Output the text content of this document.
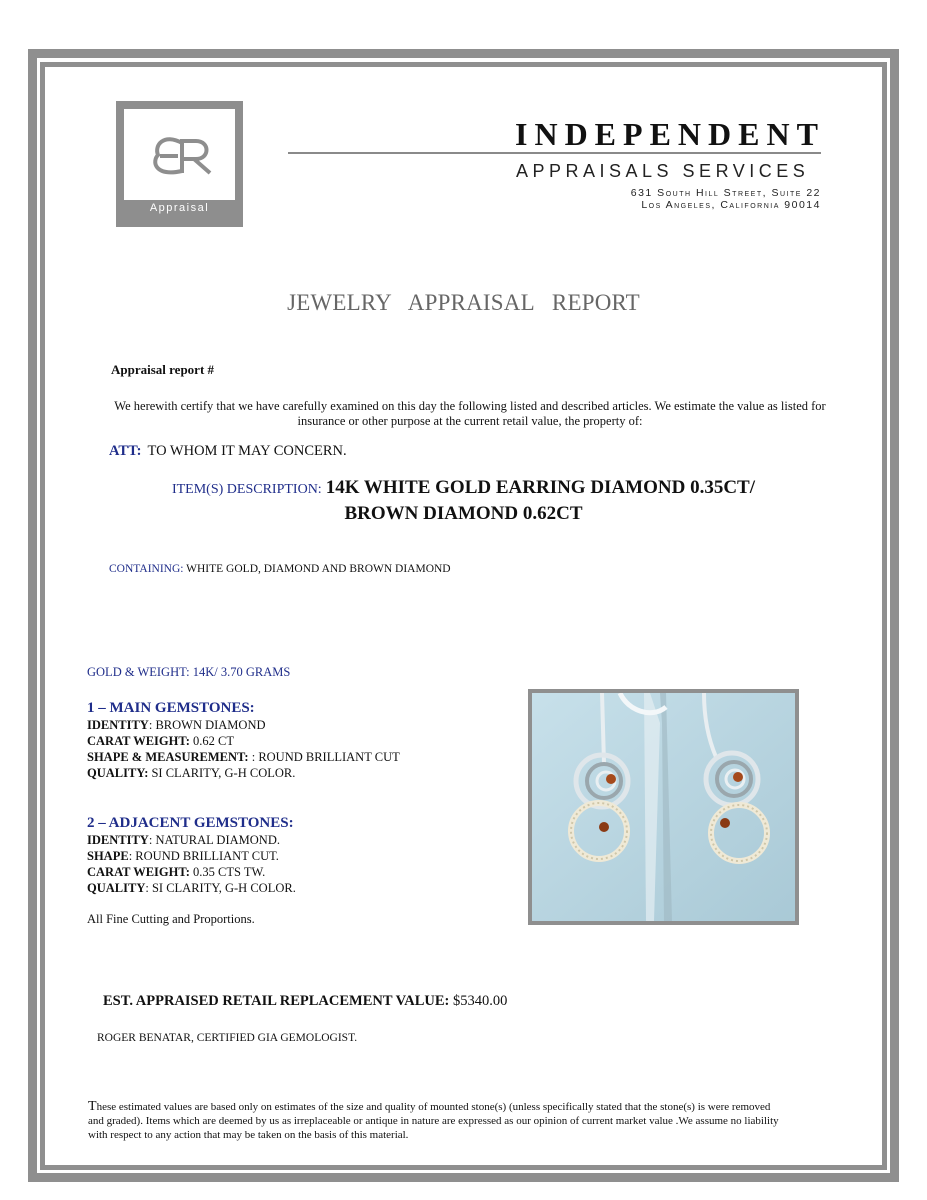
Appraisal
INDEPENDENT
APPRAISALS SERVICES
631 South Hill Street, Suite 22
Los Angeles, California 90014
JEWELRY APPRAISAL REPORT
Appraisal report #
We herewith certify that we have carefully examined on this day the following listed and described articles. We estimate the value as listed for insurance or other purpose at the current retail value, the property of:
ATT: TO WHOM IT MAY CONCERN.
ITEM(S) DESCRIPTION: 14K WHITE GOLD EARRING DIAMOND 0.35CT/
BROWN DIAMOND 0.62CT
CONTAINING: WHITE GOLD, DIAMOND AND BROWN DIAMOND
GOLD & WEIGHT: 14K/ 3.70 GRAMS
1 – MAIN GEMSTONES:
IDENTITY: BROWN DIAMOND
CARAT WEIGHT: 0.62 CT
SHAPE & MEASUREMENT: : ROUND BRILLIANT CUT
QUALITY: SI CLARITY, G-H COLOR.
2 – ADJACENT GEMSTONES:
IDENTITY: NATURAL DIAMOND.
SHAPE: ROUND BRILLIANT CUT.
CARAT WEIGHT: 0.35 CTS TW.
QUALITY: SI CLARITY, G-H COLOR.
All Fine Cutting and Proportions.
EST. APPRAISED RETAIL REPLACEMENT VALUE: $5340.00
ROGER BENATAR, CERTIFIED GIA GEMOLOGIST.
These estimated values are based only on estimates of the size and quality of mounted stone(s) (unless specifically stated that the stone(s) is were removed and graded). Items which are deemed by us as irreplaceable or antique in nature are expressed as our opinion of current market value .We assume no liability with respect to any action that may be taken on the basis of this material.
